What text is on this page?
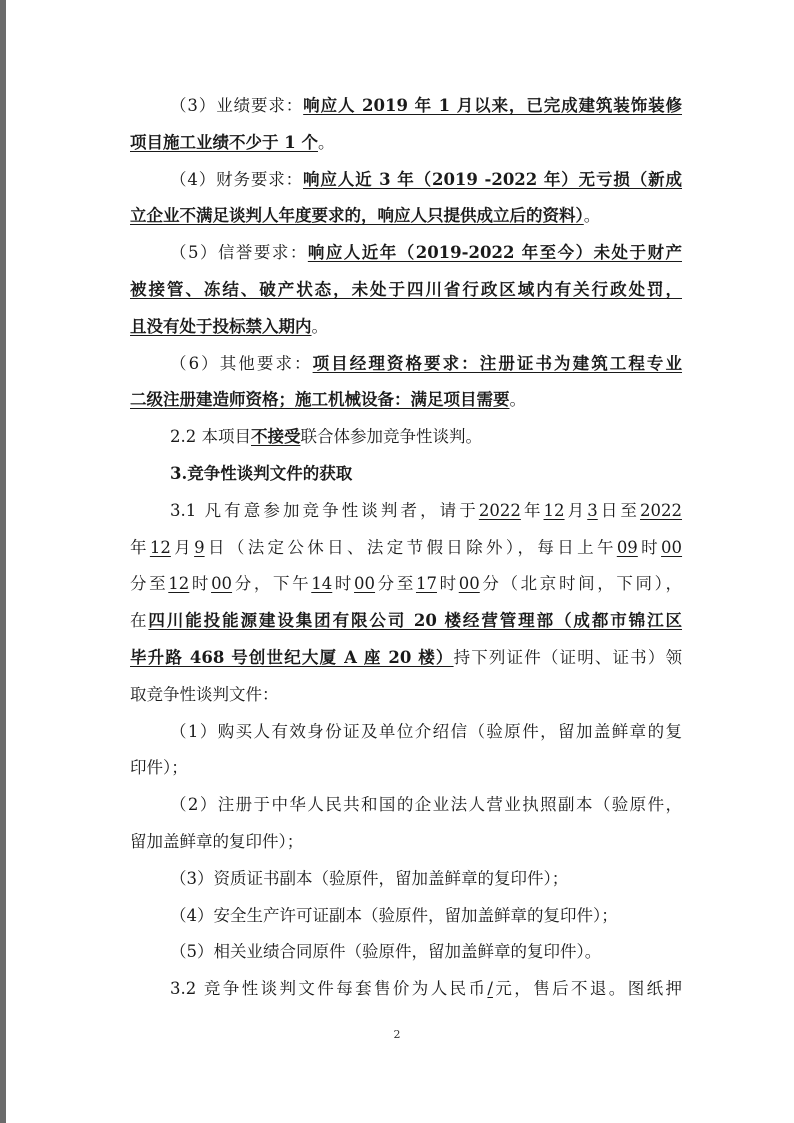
（3）业绩要求：响应人 2019 年 1 月以来，已完成建筑装饰装修
项目施工业绩不少于 1 个。
（4）财务要求：响应人近 3 年（2019 -2022 年）无亏损（新成
立企业不满足谈判人年度要求的，响应人只提供成立后的资料）。
（5）信誉要求：响应人近年（2019-2022 年至今）未处于财产
被接管、冻结、破产状态，未处于四川省行政区域内有关行政处罚，
且没有处于投标禁入期内。
（6）其他要求：项目经理资格要求：注册证书为建筑工程专业
二级注册建造师资格；施工机械设备：满足项目需要。
2.2 本项目不接受联合体参加竞争性谈判。
3.竞争性谈判文件的获取
3.1 凡有意参加竞争性谈判者，请于2022年12月3日至2022
年12月9日（法定公休日、法定节假日除外），每日上午09时00
分至12时00分，下午14时00分至17时00分（北京时间，下同），
在四川能投能源建设集团有限公司 20 楼经营管理部（成都市锦江区
毕升路 468 号创世纪大厦 A 座 20 楼）持下列证件（证明、证书）领
取竞争性谈判文件：
（1）购买人有效身份证及单位介绍信（验原件，留加盖鲜章的复
印件）；
（2）注册于中华人民共和国的企业法人营业执照副本（验原件，
留加盖鲜章的复印件）；
（3）资质证书副本（验原件，留加盖鲜章的复印件）；
（4）安全生产许可证副本（验原件，留加盖鲜章的复印件）；
（5）相关业绩合同原件（验原件，留加盖鲜章的复印件）。
3.2 竞争性谈判文件每套售价为人民币/元，售后不退。图纸押
2
